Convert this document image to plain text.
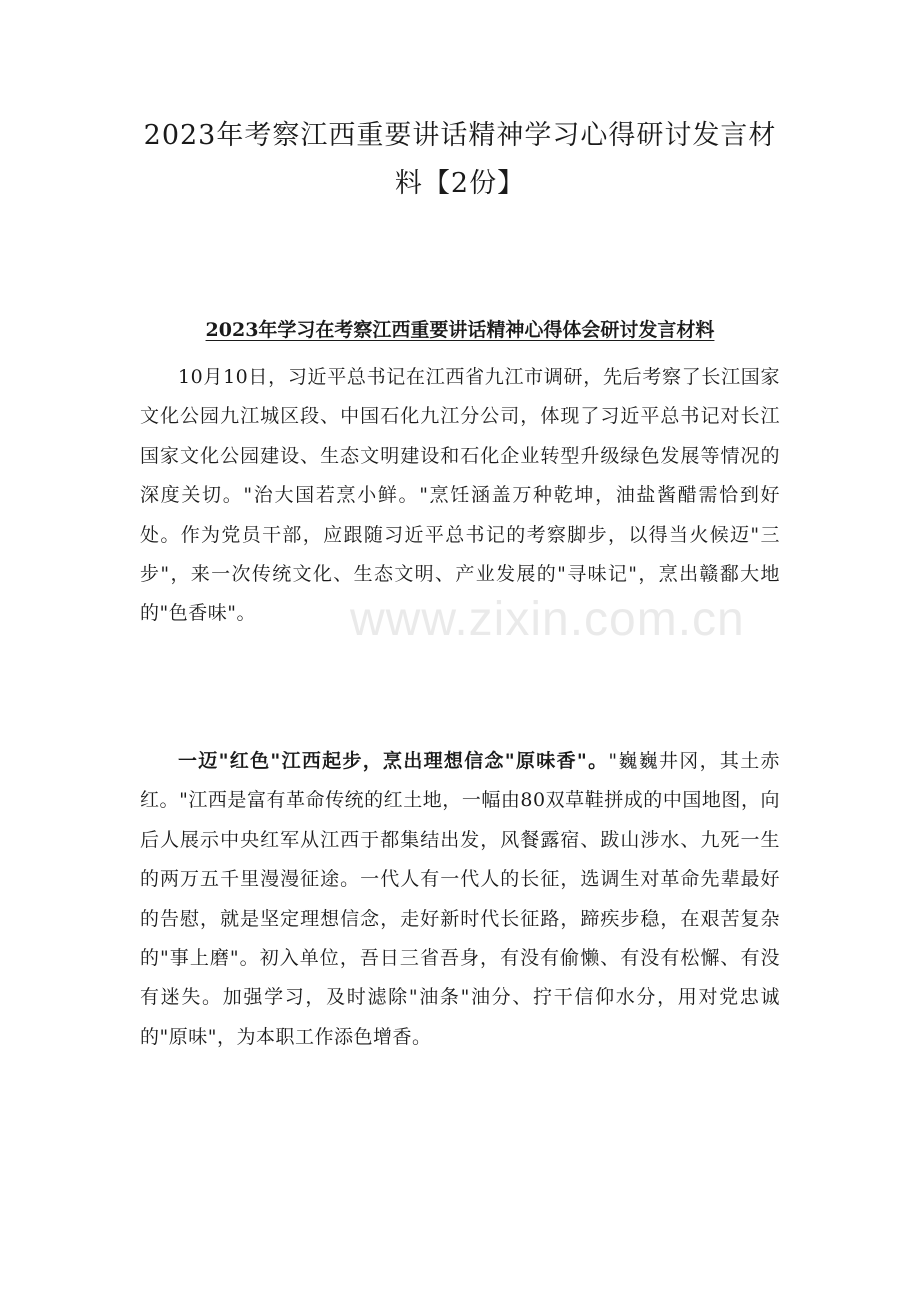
2023年考察江西重要讲话精神学习心得研讨发言材料【2份】
2023年学习在考察江西重要讲话精神心得体会研讨发言材料

10月10日，习近平总书记在江西省九江市调研，先后考察了长江国家文化公园九江城区段、中国石化九江分公司，体现了习近平总书记对长江国家文化公园建设、生态文明建设和石化企业转型升级绿色发展等情况的深度关切。"治大国若烹小鲜。"烹饪涵盖万种乾坤，油盐酱醋需恰到好处。作为党员干部，应跟随习近平总书记的考察脚步，以得当火候迈"三步"，来一次传统文化、生态文明、产业发展的"寻味记"，烹出赣鄱大地的"色香味"。

一迈"红色"江西起步，烹出理想信念"原味香"。"巍巍井冈，其土赤红。"江西是富有革命传统的红土地，一幅由80双草鞋拼成的中国地图，向后人展示中央红军从江西于都集结出发，风餐露宿、跋山涉水、九死一生的两万五千里漫漫征途。一代人有一代人的长征，选调生对革命先辈最好的告慰，就是坚定理想信念，走好新时代长征路，蹄疾步稳，在艰苦复杂的"事上磨"。初入单位，吾日三省吾身，有没有偷懒、有没有松懈、有没有迷失。加强学习，及时滤除"油条"油分、拧干信仰水分，用对党忠诚的"原味"，为本职工作添色增香。

www.zixin.com.cn
